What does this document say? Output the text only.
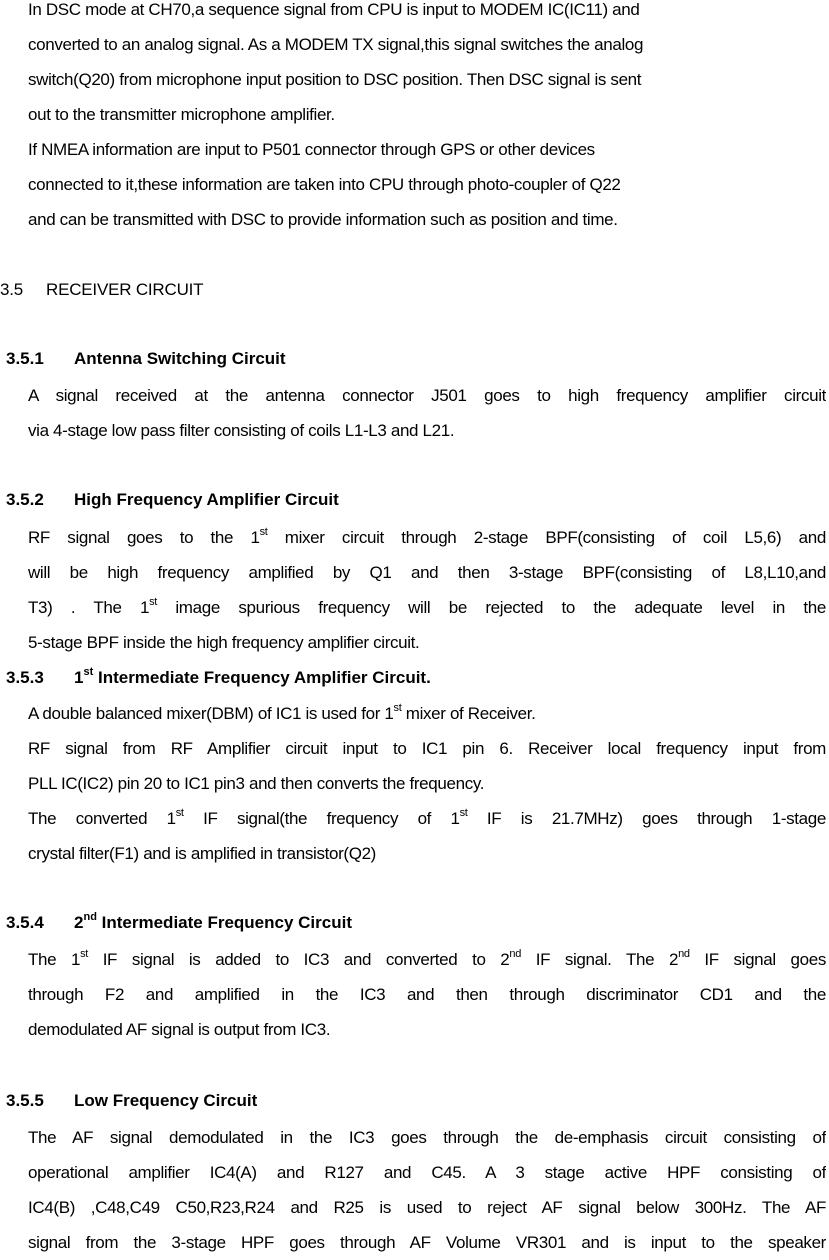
In DSC mode at CH70,a sequence signal from CPU is input to MODEM IC(IC11) and
converted to an analog signal. As a MODEM TX signal,this signal switches the analog
switch(Q20) from microphone input position to DSC position. Then DSC signal is sent
out to the transmitter microphone amplifier.
If NMEA information are input to P501 connector through GPS or other devices
connected to it,these information are taken into CPU through photo-coupler of Q22
and can be transmitted with DSC to provide information such as position and time.
3.5 RECEIVER CIRCUIT
3.5.1 Antenna Switching Circuit
A signal received at the antenna connector J501 goes to high frequency amplifier circuit
via 4-stage low pass filter consisting of coils L1-L3 and L21.
3.5.2 High Frequency Amplifier Circuit
RF signal goes to the 1st mixer circuit through 2-stage BPF(consisting of coil L5,6) and
will be high frequency amplified by Q1 and then 3-stage BPF(consisting of L8,L10,and
T3) . The 1st image spurious frequency will be rejected to the adequate level in the
5-stage BPF inside the high frequency amplifier circuit.
3.5.3 1st Intermediate Frequency Amplifier Circuit.
A double balanced mixer(DBM) of IC1 is used for 1st mixer of Receiver.
RF signal from RF Amplifier circuit input to IC1 pin 6. Receiver local frequency input from
PLL IC(IC2) pin 20 to IC1 pin3 and then converts the frequency.
The converted 1st IF signal(the frequency of 1st IF is 21.7MHz) goes through 1-stage
crystal filter(F1) and is amplified in transistor(Q2)
3.5.4 2nd Intermediate Frequency Circuit
The 1st IF signal is added to IC3 and converted to 2nd IF signal. The 2nd IF signal goes
through F2 and amplified in the IC3 and then through discriminator CD1 and the
demodulated AF signal is output from IC3.
3.5.5 Low Frequency Circuit
The AF signal demodulated in the IC3 goes through the de-emphasis circuit consisting of
operational amplifier IC4(A) and R127 and C45. A 3 stage active HPF consisting of
IC4(B) ,C48,C49 C50,R23,R24 and R25 is used to reject AF signal below 300Hz. The AF
signal from the 3-stage HPF goes through AF Volume VR301 and is input to the speaker
